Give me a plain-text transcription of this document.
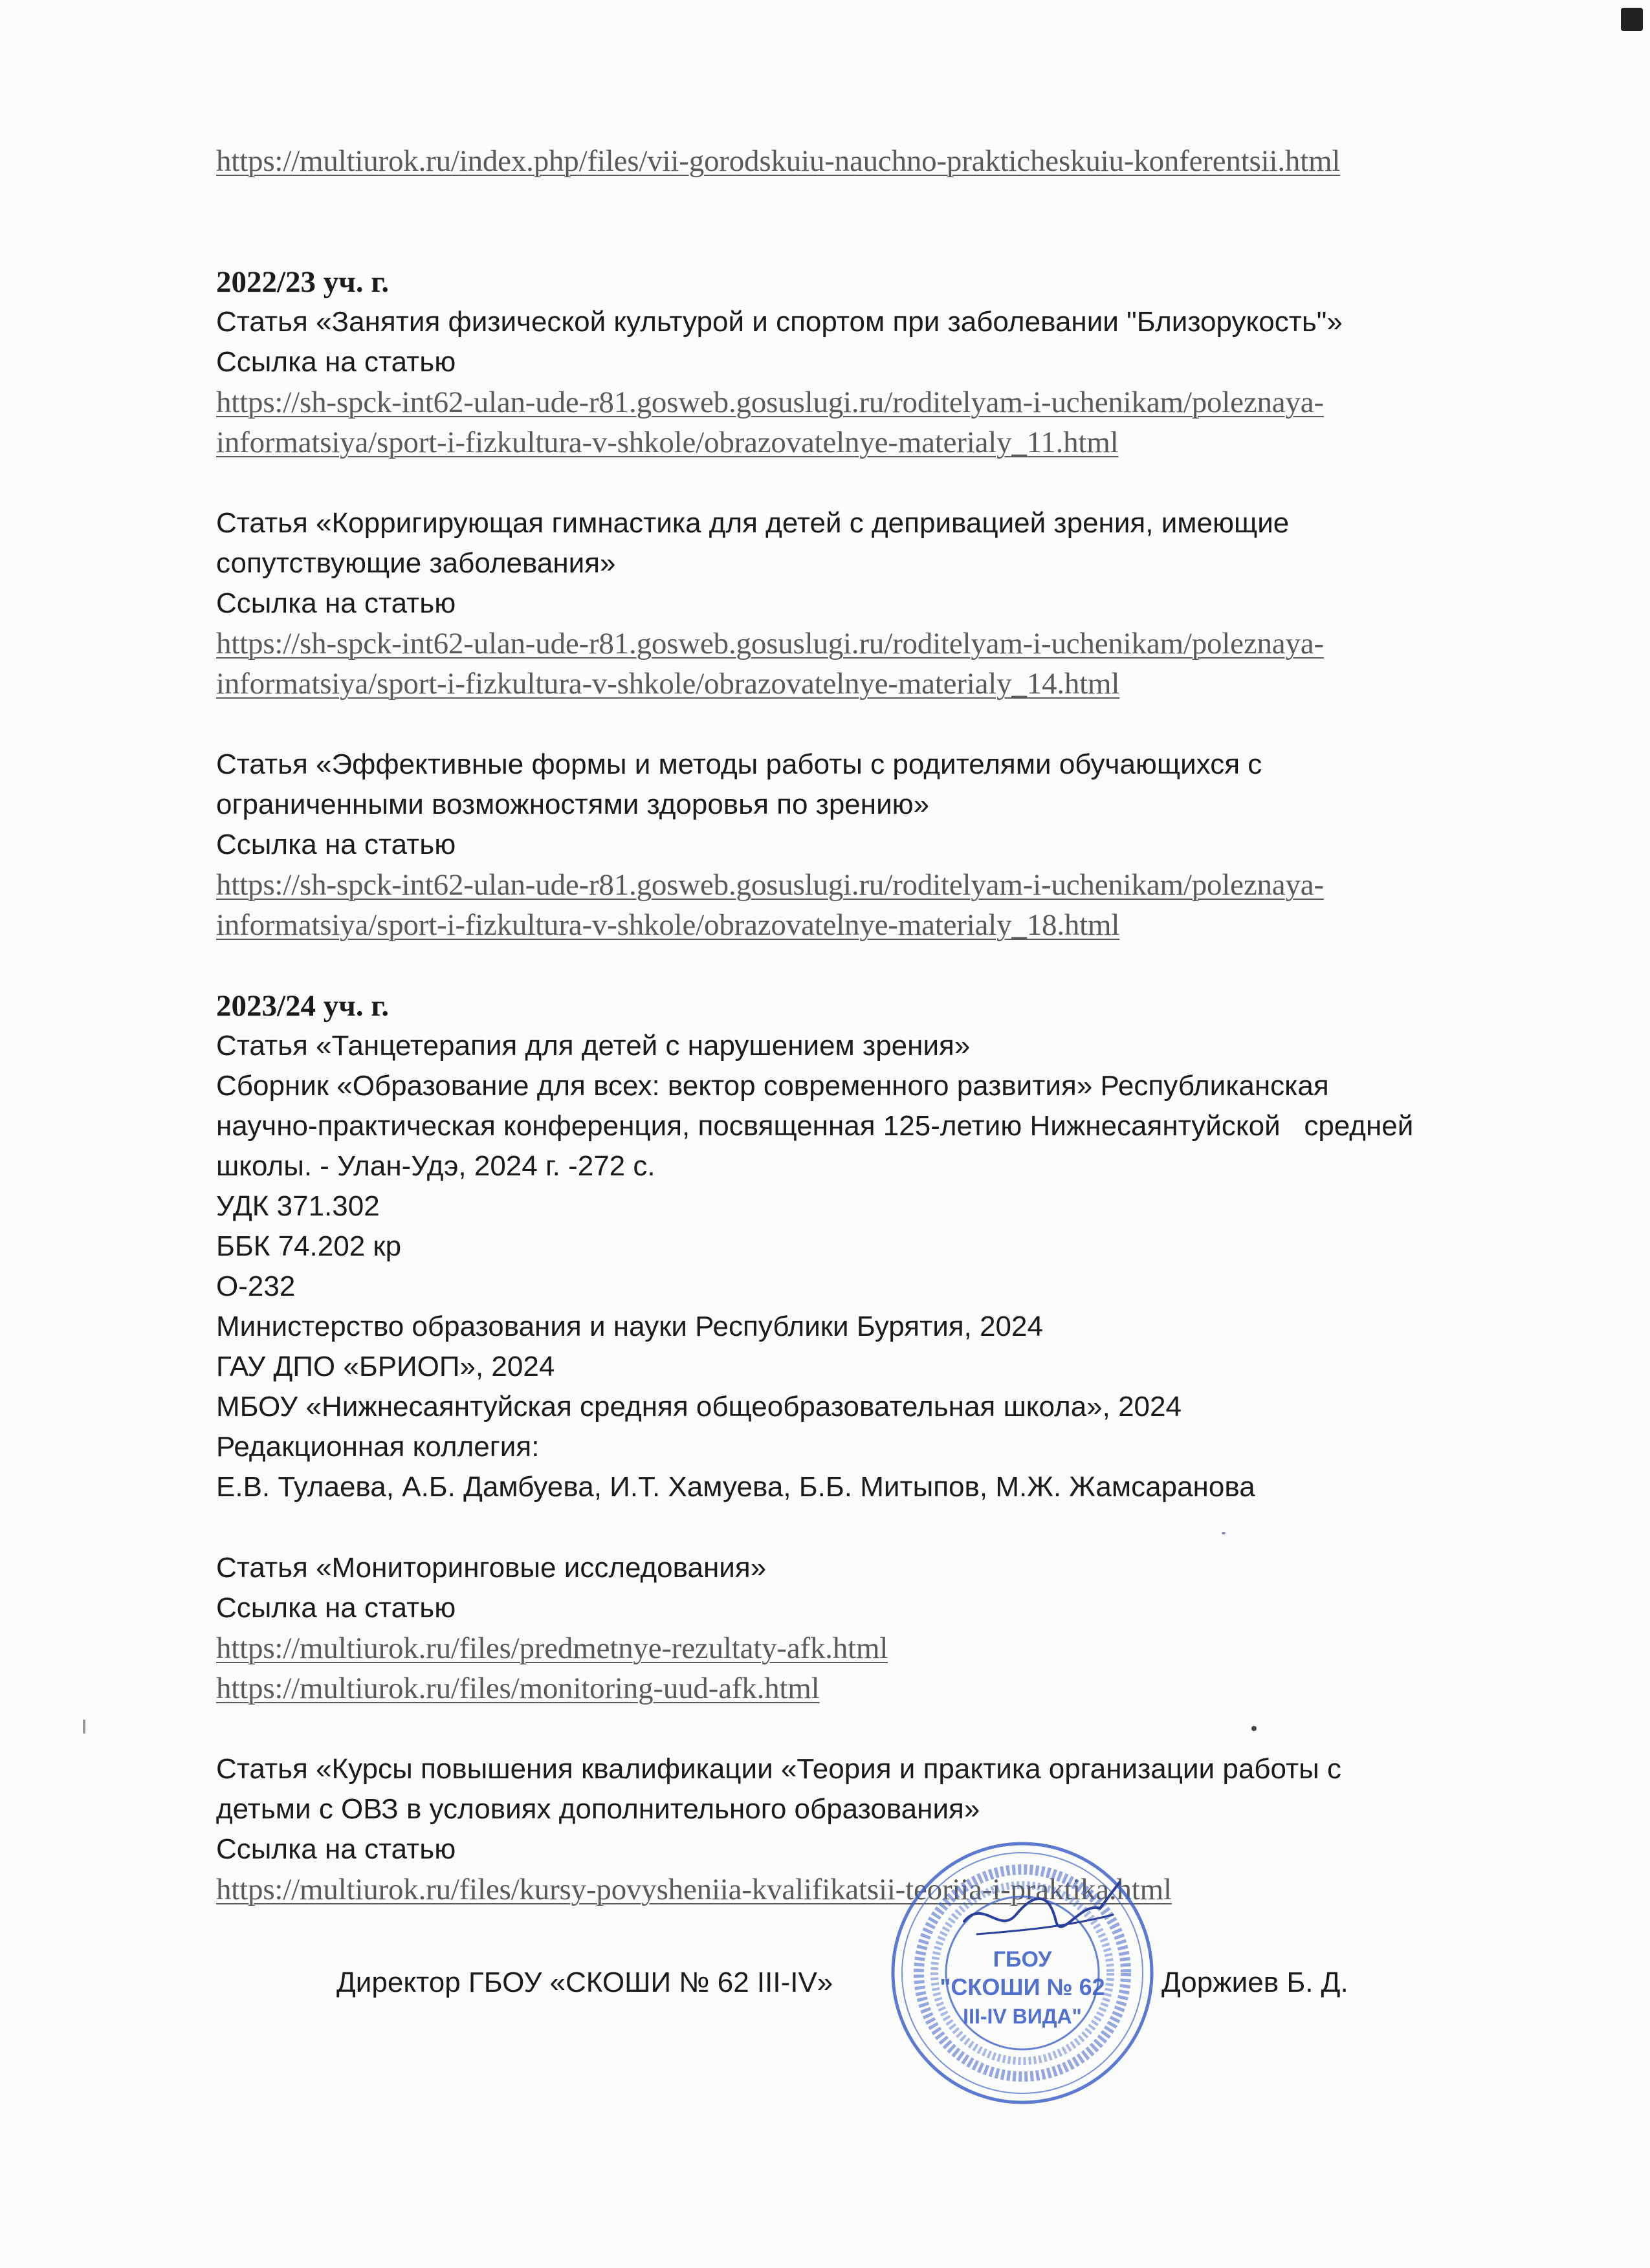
https://multiurok.ru/index.php/files/vii-gorodskuiu-nauchno-prakticheskuiu-konferentsii.html
2022/23 уч. г.
Статья «Занятия физической культурой и спортом при заболевании "Близорукость"»
Ссылка на статью
https://sh-spck-int62-ulan-ude-r81.gosweb.gosuslugi.ru/roditelyam-i-uchenikam/poleznaya-
informatsiya/sport-i-fizkultura-v-shkole/obrazovatelnye-materialy_11.html
Статья «Корригирующая гимнастика для детей с депривацией зрения, имеющие
сопутствующие заболевания»
Ссылка на статью
https://sh-spck-int62-ulan-ude-r81.gosweb.gosuslugi.ru/roditelyam-i-uchenikam/poleznaya-
informatsiya/sport-i-fizkultura-v-shkole/obrazovatelnye-materialy_14.html
Статья «Эффективные формы и методы работы с родителями обучающихся с
ограниченными возможностями здоровья по зрению»
Ссылка на статью
https://sh-spck-int62-ulan-ude-r81.gosweb.gosuslugi.ru/roditelyam-i-uchenikam/poleznaya-
informatsiya/sport-i-fizkultura-v-shkole/obrazovatelnye-materialy_18.html
2023/24 уч. г.
Статья «Танцетерапия для детей с нарушением зрения»
Сборник «Образование для всех: вектор современного развития» Республиканская
научно-практическая конференция, посвященная 125-летию Нижнесаянтуйской   средней
школы. - Улан-Удэ, 2024 г. -272 с.
УДК 371.302
ББК 74.202 кр
О-232
Министерство образования и науки Республики Бурятия, 2024
ГАУ ДПО «БРИОП», 2024
МБОУ «Нижнесаянтуйская средняя общеобразовательная школа», 2024
Редакционная коллегия:
Е.В. Тулаева, А.Б. Дамбуева, И.Т. Хамуева, Б.Б. Митыпов, М.Ж. Жамсаранова
Статья «Мониторинговые исследования»
Ссылка на статью
https://multiurok.ru/files/predmetnye-rezultaty-afk.html
https://multiurok.ru/files/monitoring-uud-afk.html
Статья «Курсы повышения квалификации «Теория и практика организации работы с
детьми с ОВЗ в условиях дополнительного образования»
Ссылка на статью
https://multiurok.ru/files/kursy-povysheniia-kvalifikatsii-teoriia-i-praktika.html
ГБОУ
"СКОШИ № 62
III-IV ВИДА"
Директор ГБОУ «СКОШИ № 62 III-IV»	Доржиев Б. Д.
